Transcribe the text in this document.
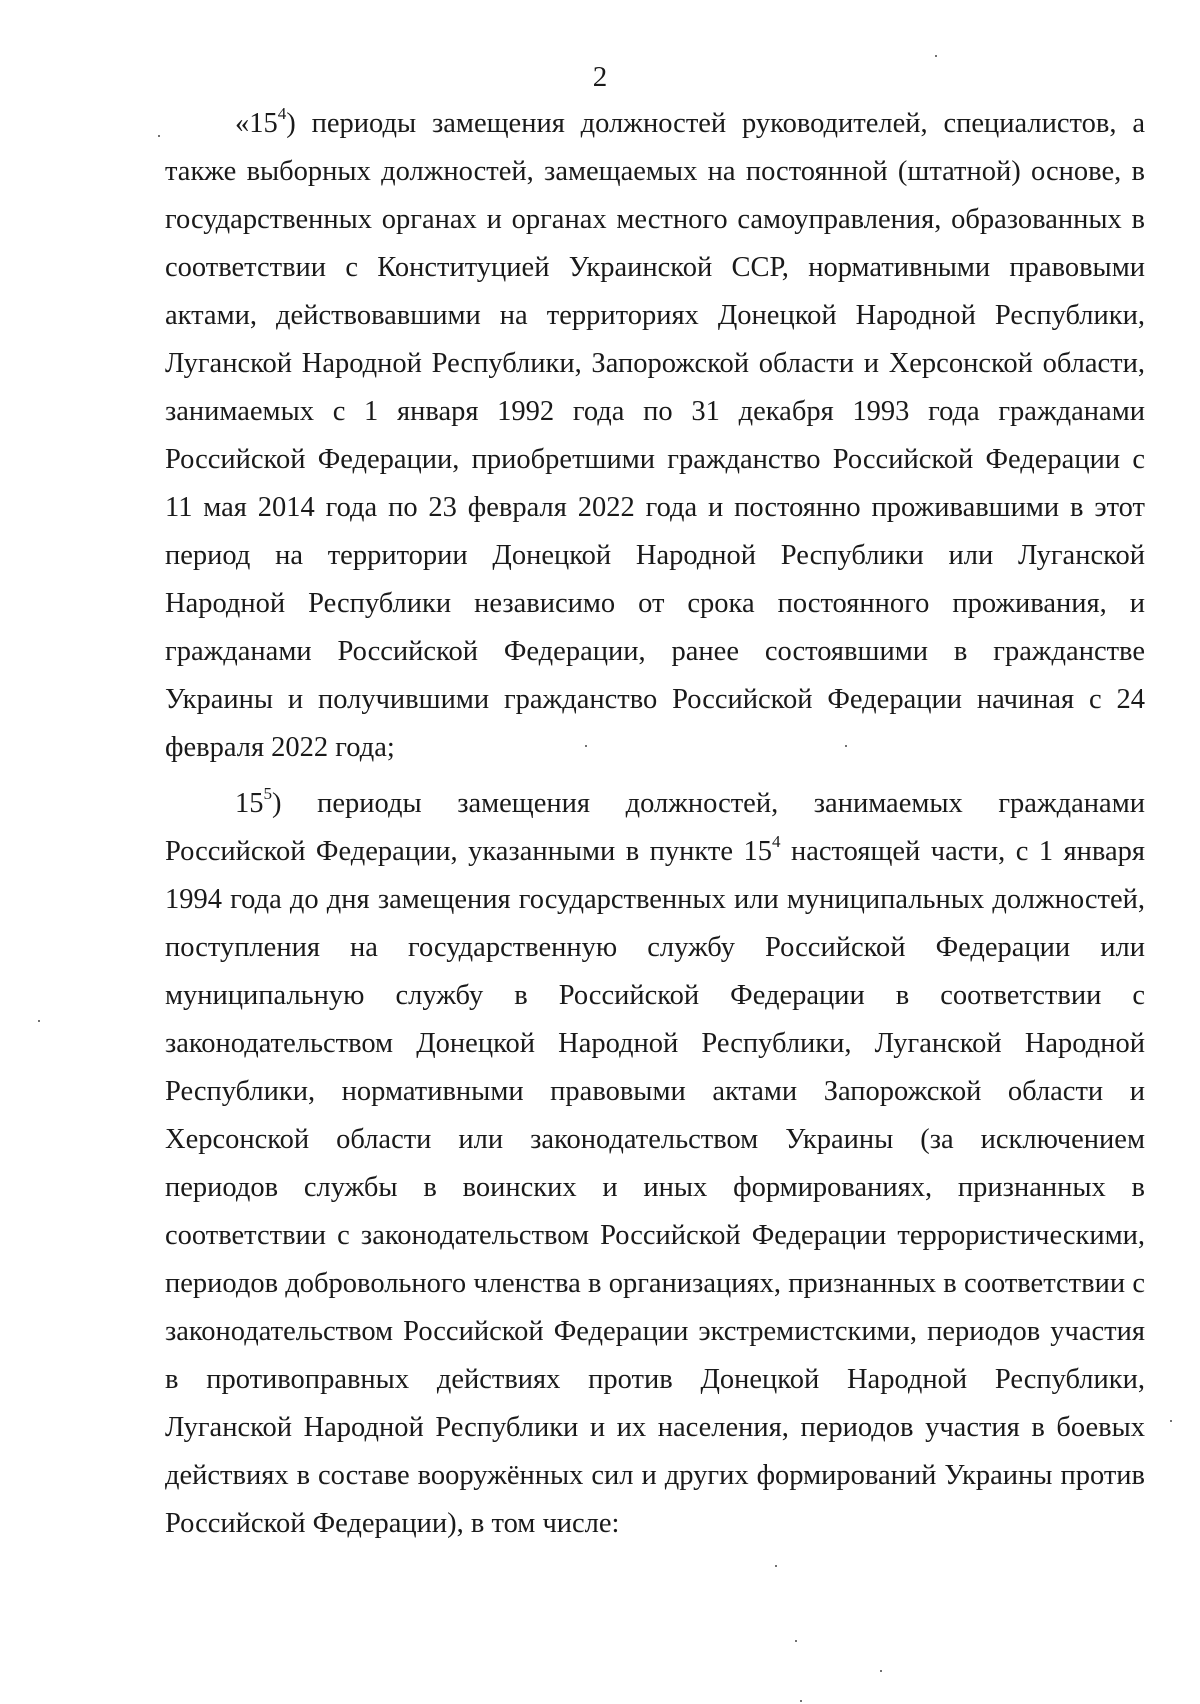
2

«$15^4$) периоды замещения должностей руководителей, специалистов, а также выборных должностей, замещаемых на постоянной (штатной) основе, в государственных органах и органах местного самоуправления, образованных в соответствии с Конституцией Украинской ССР, нормативными правовыми актами, действовавшими на территориях Донецкой Народной Республики, Луганской Народной Республики, Запорожской области и Херсонской области, занимаемых с 1 января 1992 года по 31 декабря 1993 года гражданами Российской Федерации, приобретшими гражданство Российской Федерации с 11 мая 2014 года по 23 февраля 2022 года и постоянно проживавшими в этот период на территории Донецкой Народной Республики или Луганской Народной Республики независимо от срока постоянного проживания, и гражданами Российской Федерации, ранее состоявшими в гражданстве Украины и получившими гражданство Российской Федерации начиная с 24 февраля 2022 года;

$15^5$) периоды замещения должностей, занимаемых гражданами Российской Федерации, указанными в пункте $15^4$ настоящей части, с 1 января 1994 года до дня замещения государственных или муниципальных должностей, поступления на государственную службу Российской Федерации или муниципальную службу в Российской Федерации в соответствии с законодательством Донецкой Народной Республики, Луганской Народной Республики, нормативными правовыми актами Запорожской области и Херсонской области или законодательством Украины (за исключением периодов службы в воинских и иных формированиях, признанных в соответствии с законодательством Российской Федерации террористическими, периодов добровольного членства в организациях, признанных в соответствии с законодательством Российской Федерации экстремистскими, периодов участия в противоправных действиях против Донецкой Народной Республики, Луганской Народной Республики и их населения, периодов участия в боевых действиях в составе вооружённых сил и других формирований Украины против Российской Федерации), в том числе:
